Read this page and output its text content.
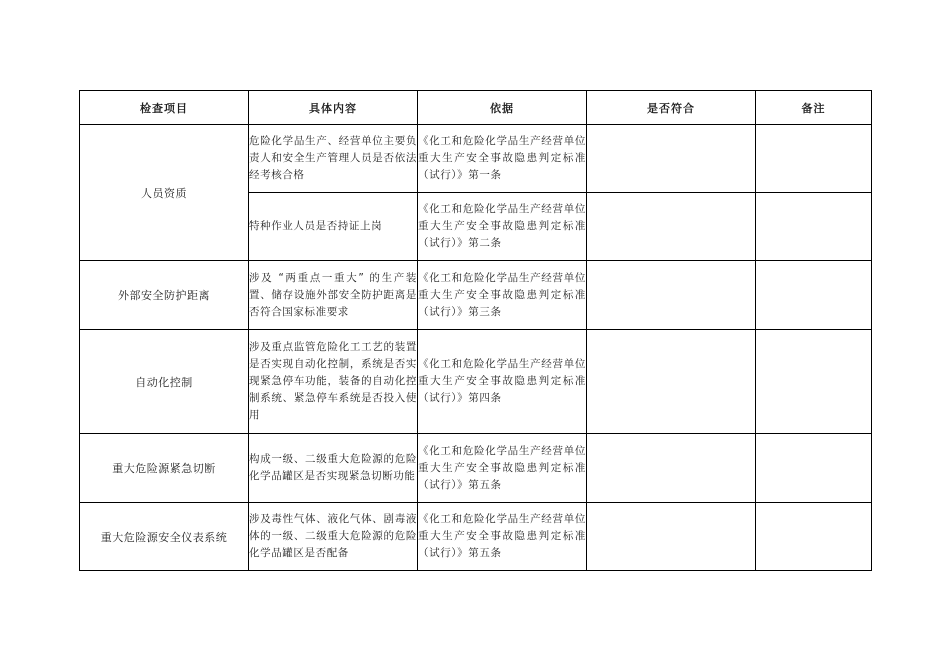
检查项目	具体内容	依据	是否符合	备注
人员资质	危险化学品生产、经营单位主要负责人和安全生产管理人员是否依法经考核合格	《化工和危险化学品生产经营单位重大生产安全事故隐患判定标准（试行）》第一条		

	特种作业人员是否持证上岗	《化工和危险化学品生产经营单位重大生产安全事故隐患判定标准（试行）》第二条		

外部安全防护距离	涉及 “两重点一重大” 的生产装置、储存设施外部安全防护距离是否符合国家标准要求	《化工和危险化学品生产经营单位重大生产安全事故隐患判定标准（试行）》第三条		

自动化控制	涉及重点监管危险化工工艺的装置是否实现自动化控制，系统是否实现紧急停车功能，装备的自动化控制系统、紧急停车系统是否投入使用	《化工和危险化学品生产经营单位重大生产安全事故隐患判定标准（试行）》第四条		

重大危险源紧急切断	构成一级、二级重大危险源的危险化学品罐区是否实现紧急切断功能	《化工和危险化学品生产经营单位重大生产安全事故隐患判定标准（试行）》第五条		

重大危险源安全仪表系统	涉及毒性气体、液化气体、剧毒液体的一级、二级重大危险源的危险化学品罐区是否配备	《化工和危险化学品生产经营单位重大生产安全事故隐患判定标准（试行）》第五条		
